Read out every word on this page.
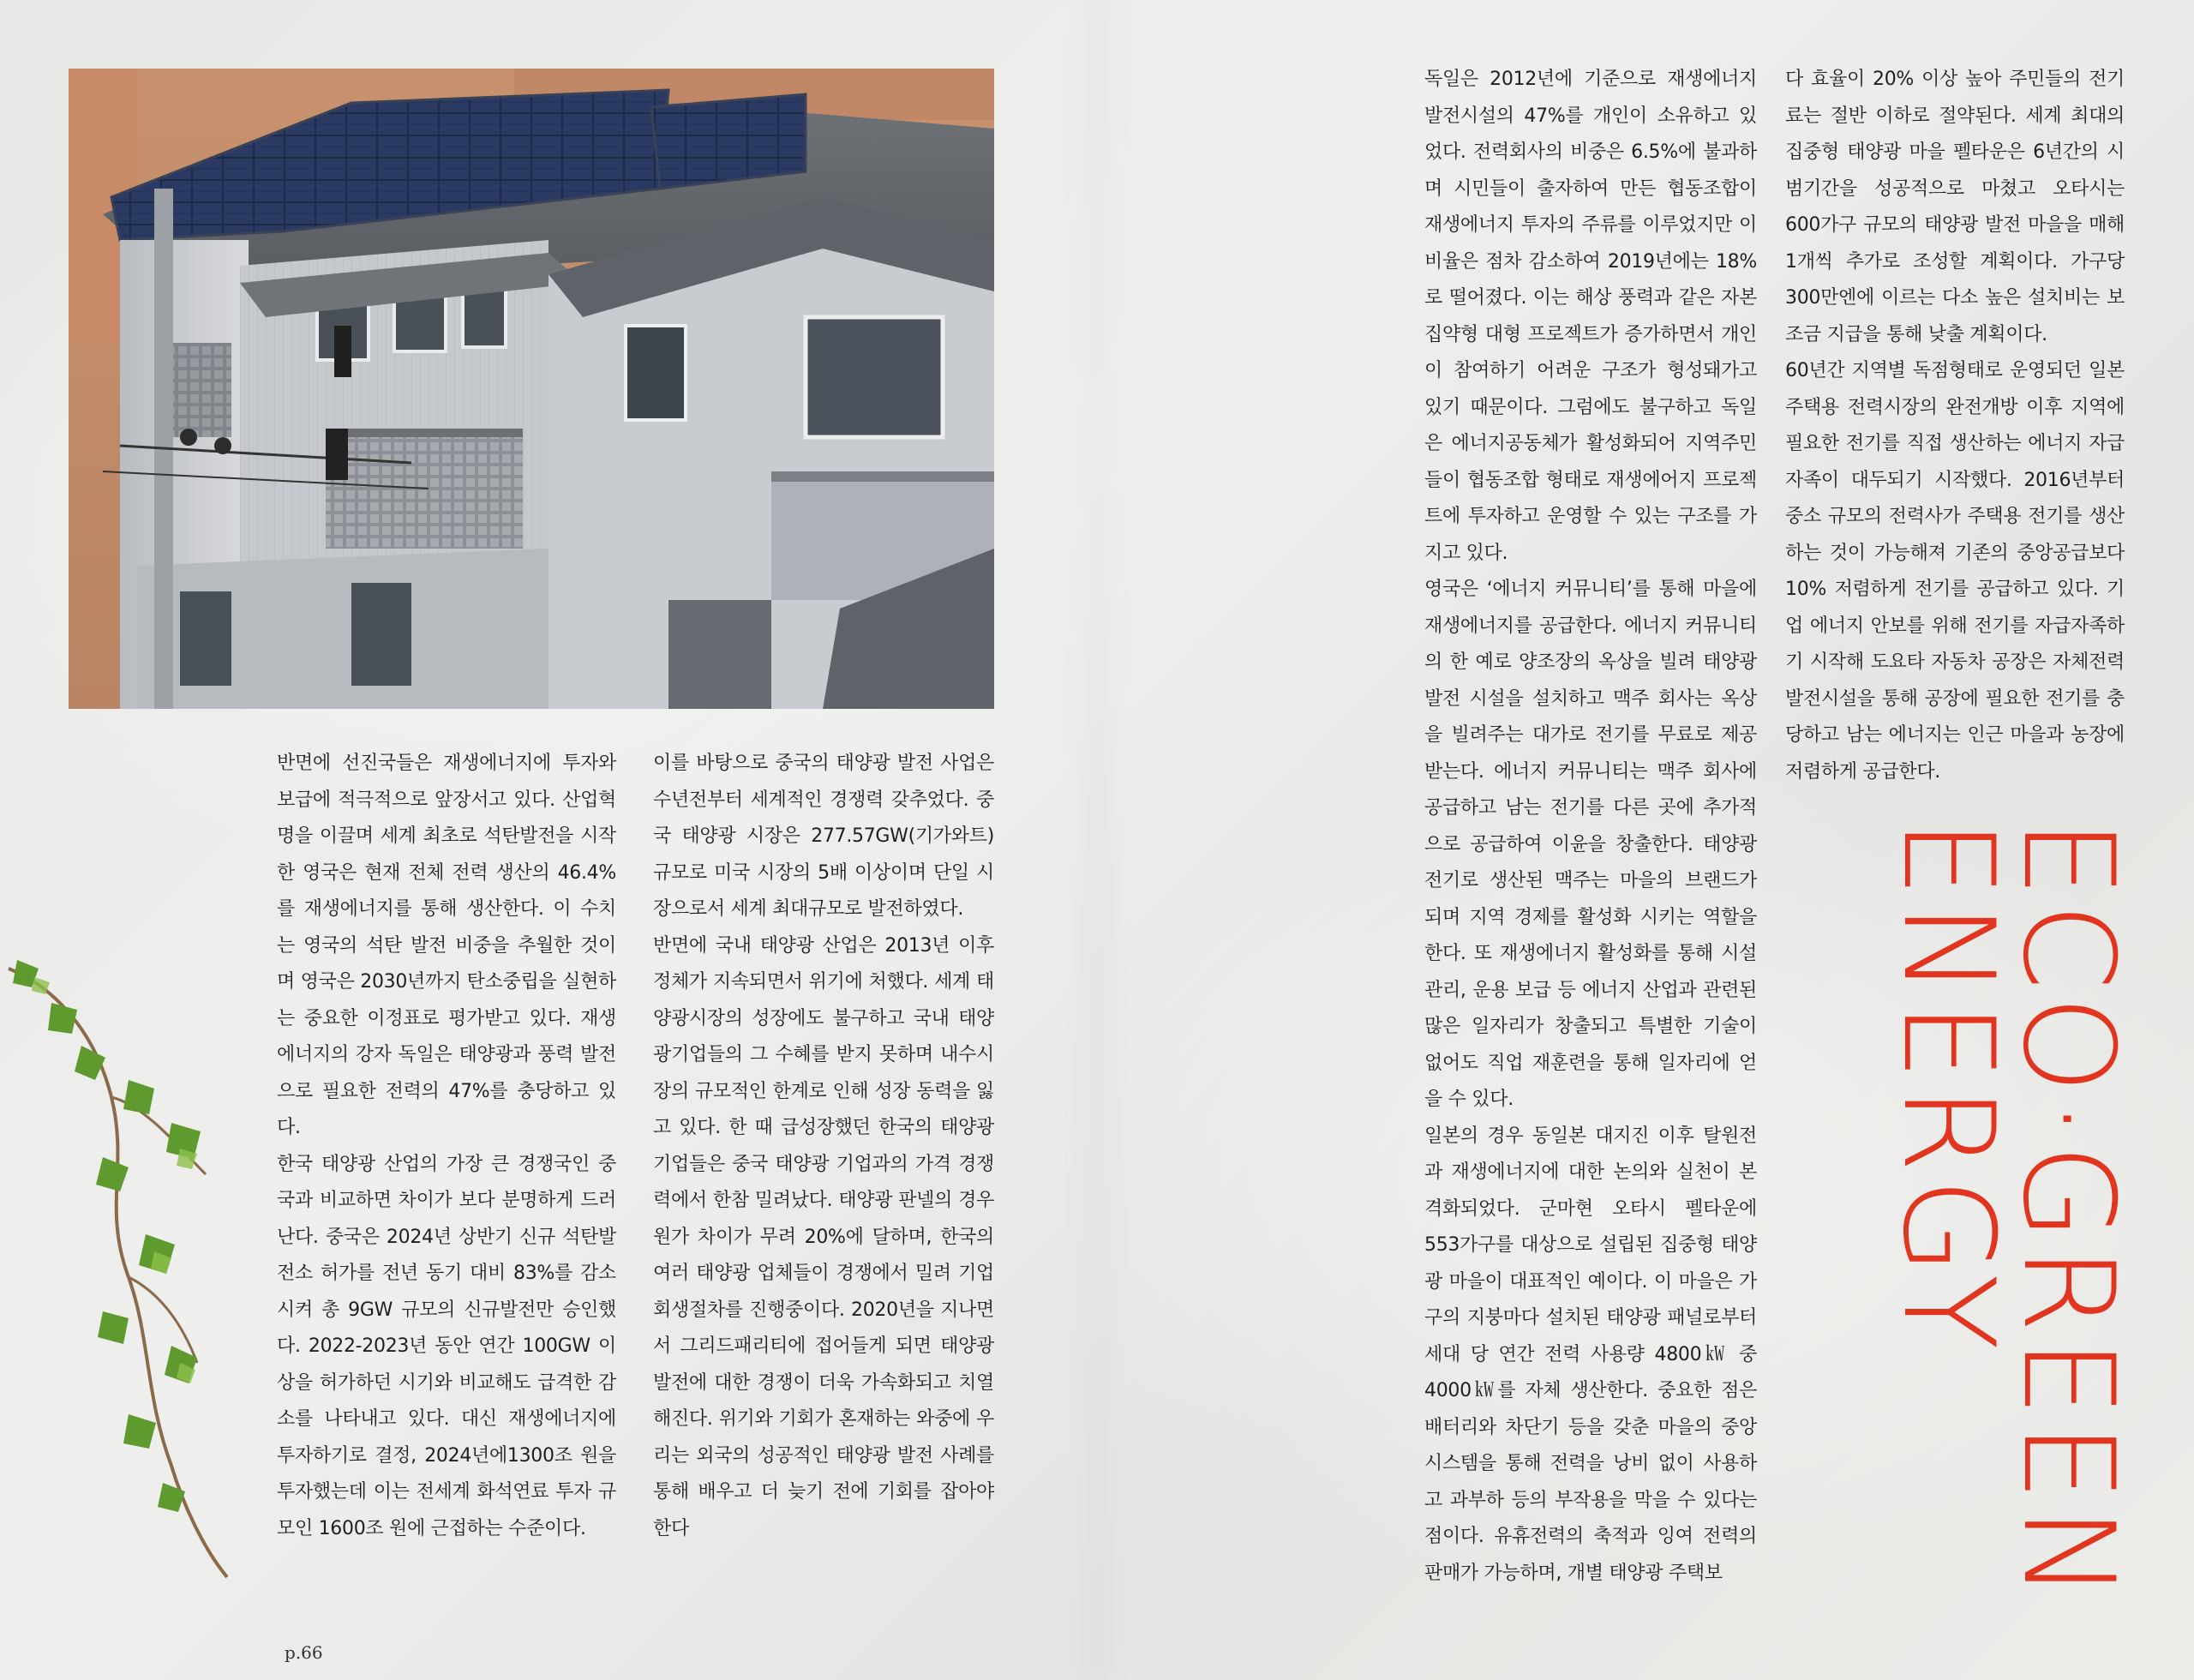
반면에 선진국들은 재생에너지에 투자와 보급에 적극적으로 앞장서고 있다. 산업혁명을 이끌며 세계 최초로 석탄발전을 시작한 영국은 현재 전체 전력 생산의 46.4%를 재생에너지를 통해 생산한다. 이 수치는 영국의 석탄 발전 비중을 추월한 것이며 영국은 2030년까지 탄소중립을 실현하는 중요한 이정표로 평가받고 있다. 재생에너지의 강자 독일은 태양광과 풍력 발전으로 필요한 전력의 47%를 충당하고 있다.

한국 태양광 산업의 가장 큰 경쟁국인 중국과 비교하면 차이가 보다 분명하게 드러난다. 중국은 2024년 상반기 신규 석탄발전소 허가를 전년 동기 대비 83%를 감소시켜 총 9GW 규모의 신규발전만 승인했다. 2022-2023년 동안 연간 100GW 이상을 허가하던 시기와 비교해도 급격한 감소를 나타내고 있다. 대신 재생에너지에 투자하기로 결정, 2024년에1300조 원을 투자했는데 이는 전세계 화석연료 투자 규모인 1600조 원에 근접하는 수준이다.

이를 바탕으로 중국의 태양광 발전 사업은 수년전부터 세계적인 경쟁력 갖추었다. 중국 태양광 시장은 277.57GW(기가와트) 규모로 미국 시장의 5배 이상이며 단일 시장으로서 세계 최대규모로 발전하였다.

반면에 국내 태양광 산업은 2013년 이후 정체가 지속되면서 위기에 처했다. 세계 태양광시장의 성장에도 불구하고 국내 태양광기업들의 그 수혜를 받지 못하며 내수시장의 규모적인 한계로 인해 성장 동력을 잃고 있다. 한 때 급성장했던 한국의 태양광 기업들은 중국 태양광 기업과의 가격 경쟁력에서 한참 밀려났다. 태양광 판넬의 경우 원가 차이가 무려 20%에 달하며, 한국의 여러 태양광 업체들이 경쟁에서 밀려 기업회생절차를 진행중이다. 2020년을 지나면서 그리드패리티에 접어들게 되면 태양광 발전에 대한 경쟁이 더욱 가속화되고 치열해진다. 위기와 기회가 혼재하는 와중에 우리는 외국의 성공적인 태양광 발전 사례를 통해 배우고 더 늦기 전에 기회를 잡아야 한다

독일은 2012년에 기준으로 재생에너지 발전시설의 47%를 개인이 소유하고 있었다. 전력회사의 비중은 6.5%에 불과하며 시민들이 출자하여 만든 협동조합이 재생에너지 투자의 주류를 이루었지만 이 비율은 점차 감소하여 2019년에는 18%로 떨어졌다. 이는 해상 풍력과 같은 자본 집약형 대형 프로젝트가 증가하면서 개인이 참여하기 어려운 구조가 형성돼가고 있기 때문이다. 그럼에도 불구하고 독일은 에너지공동체가 활성화되어 지역주민들이 협동조합 형태로 재생에어지 프로젝트에 투자하고 운영할 수 있는 구조를 가지고 있다.

영국은 ‘에너지 커뮤니티’를 통해 마을에 재생에너지를 공급한다. 에너지 커뮤니티의 한 예로 양조장의 옥상을 빌려 태양광 발전 시설을 설치하고 맥주 회사는 옥상을 빌려주는 대가로 전기를 무료로 제공 받는다. 에너지 커뮤니티는 맥주 회사에 공급하고 남는 전기를 다른 곳에 추가적으로 공급하여 이윤을 창출한다. 태양광 전기로 생산된 맥주는 마을의 브랜드가 되며 지역 경제를 활성화 시키는 역할을 한다. 또 재생에너지 활성화를 통해 시설 관리, 운용 보급 등 에너지 산업과 관련된 많은 일자리가 창출되고 특별한 기술이 없어도 직업 재훈련을 통해 일자리에 얻을 수 있다.

일본의 경우 동일본 대지진 이후 탈원전과 재생에너지에 대한 논의와 실천이 본격화되었다. 군마현 오타시 펠타운에 553가구를 대상으로 설립된 집중형 태양광 마을이 대표적인 예이다. 이 마을은 가구의 지붕마다 설치된 태양광 패널로부터 세대 당 연간 전력 사용량 4800㎾ 중 4000㎾를 자체 생산한다. 중요한 점은 배터리와 차단기 등을 갖춘 마을의 중앙 시스템을 통해 전력을 낭비 없이 사용하고 과부하 등의 부작용을 막을 수 있다는 점이다. 유휴전력의 축적과 잉여 전력의 판매가 가능하며, 개별 태양광 주택보

다 효율이 20% 이상 높아 주민들의 전기료는 절반 이하로 절약된다. 세계 최대의 집중형 태양광 마을 펠타운은 6년간의 시범기간을 성공적으로 마쳤고 오타시는 600가구 규모의 태양광 발전 마을을 매해 1개씩 추가로 조성할 계획이다. 가구당 300만엔에 이르는 다소 높은 설치비는 보조금 지급을 통해 낮출 계획이다.

60년간 지역별 독점형태로 운영되던 일본 주택용 전력시장의 완전개방 이후 지역에 필요한 전기를 직접 생산하는 에너지 자급자족이 대두되기 시작했다. 2016년부터 중소 규모의 전력사가 주택용 전기를 생산하는 것이 가능해져 기존의 중앙공급보다 10% 저렴하게 전기를 공급하고 있다. 기업 에너지 안보를 위해 전기를 자급자족하기 시작해 도요타 자동차 공장은 자체전력 발전시설을 통해 공장에 필요한 전기를 충당하고 남는 에너지는 인근 마을과 농장에 저렴하게 공급한다.

ECO·GREEN
ENERGY
p.66
